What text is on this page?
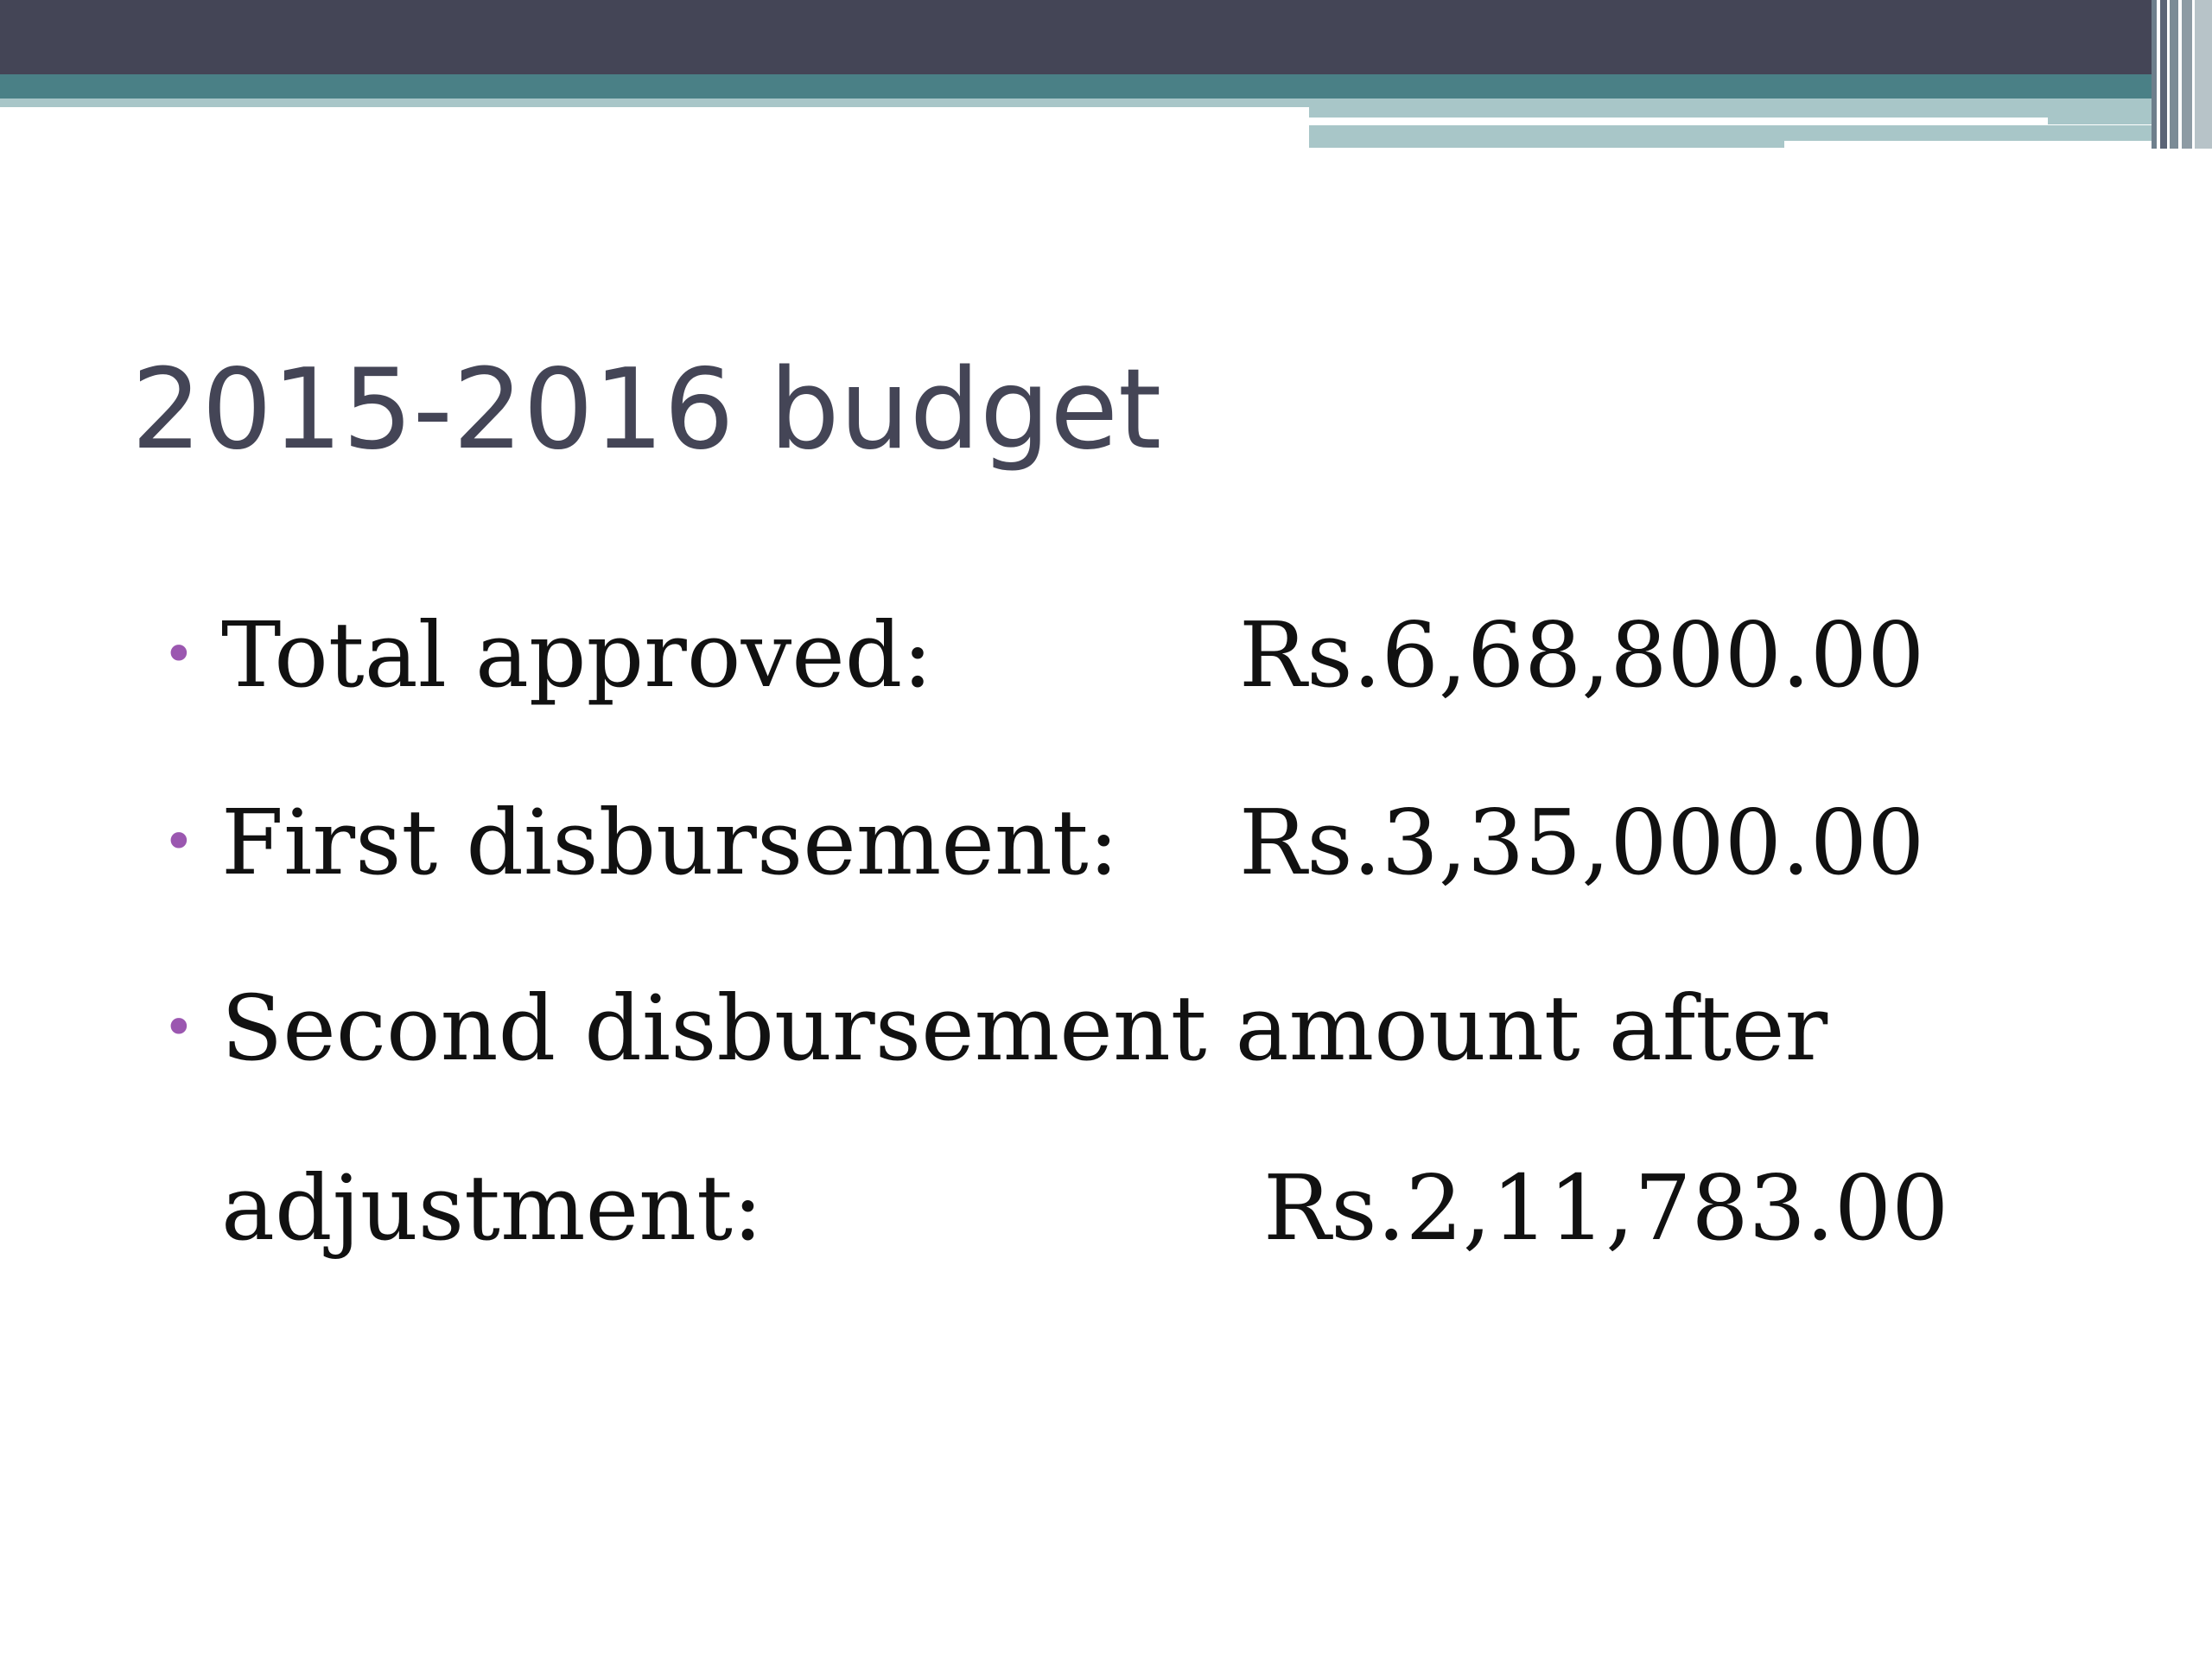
2015-2016 budget
• Total approved:	Rs.6,68,800.00
• First disbursement: Rs.3,35,000.00
• Second disbursement amount after
adjustment:	Rs.2,11,783.00
